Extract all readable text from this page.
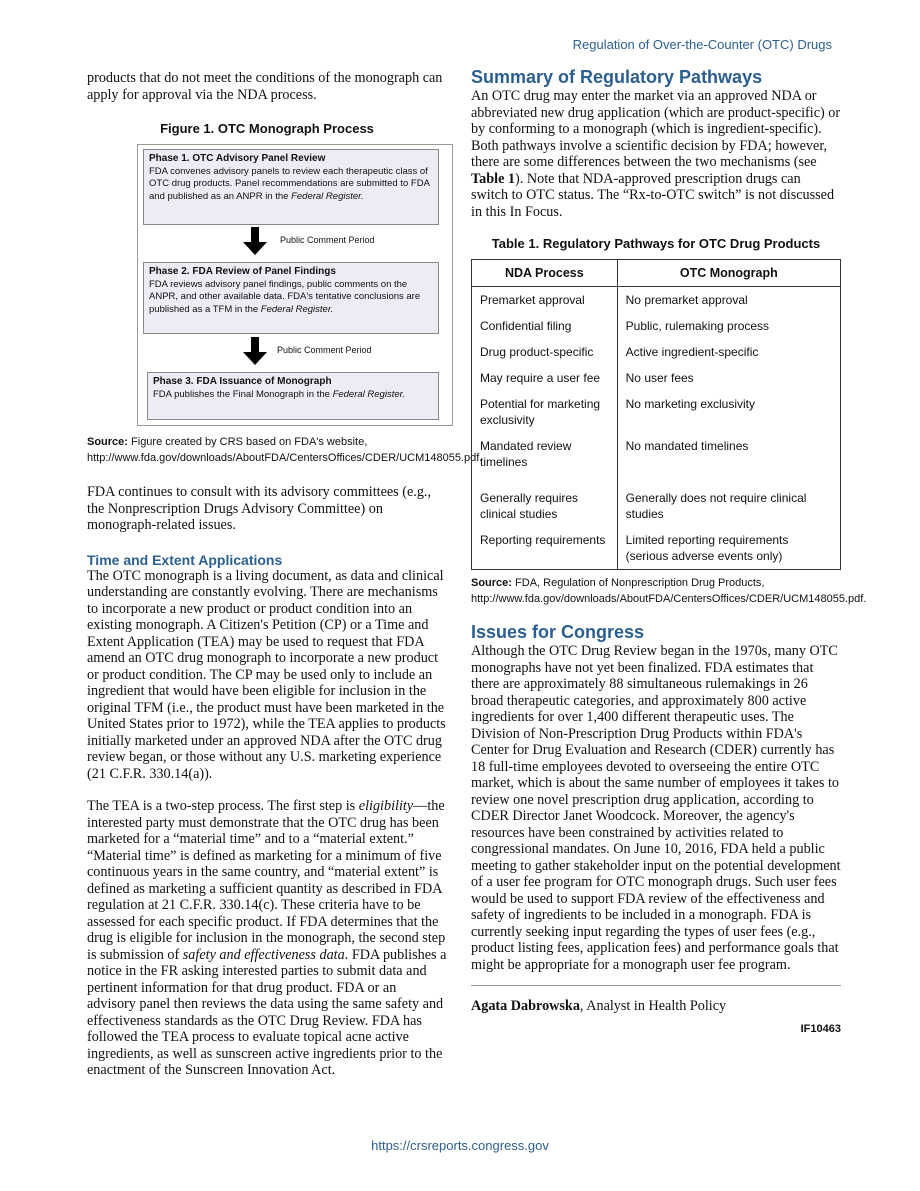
Regulation of Over-the-Counter (OTC) Drugs

products that do not meet the conditions of the monograph can apply for approval via the NDA process.

Figure 1. OTC Monograph Process

Phase 1. OTC Advisory Panel Review
FDA convenes advisory panels to review each therapeutic class of OTC drug products. Panel recommendations are submitted to FDA and published as an ANPR in the Federal Register.
Public Comment Period
Phase 2. FDA Review of Panel Findings
FDA reviews advisory panel findings, public comments on the ANPR, and other available data. FDA's tentative conclusions are published as a TFM in the Federal Register.
Public Comment Period
Phase 3. FDA Issuance of Monograph
FDA publishes the Final Monograph in the Federal Register.

Source: Figure created by CRS based on FDA's website, http://www.fda.gov/downloads/AboutFDA/CentersOffices/CDER/UCM148055.pdf.

FDA continues to consult with its advisory committees (e.g., the Nonprescription Drugs Advisory Committee) on monograph-related issues.

Time and Extent Applications

The OTC monograph is a living document, as data and clinical understanding are constantly evolving. There are mechanisms to incorporate a new product or product condition into an existing monograph. A Citizen's Petition (CP) or a Time and Extent Application (TEA) may be used to request that FDA amend an OTC drug monograph to incorporate a new product or product condition. The CP may be used only to include an ingredient that would have been eligible for inclusion in the original TFM (i.e., the product must have been marketed in the United States prior to 1972), while the TEA applies to products initially marketed under an approved NDA after the OTC drug review began, or those without any U.S. marketing experience (21 C.F.R. 330.14(a)).

The TEA is a two-step process. The first step is eligibility—the interested party must demonstrate that the OTC drug has been marketed for a “material time” and to a “material extent.” “Material time” is defined as marketing for a minimum of five continuous years in the same country, and “material extent” is defined as marketing a sufficient quantity as described in FDA regulation at 21 C.F.R. 330.14(c). These criteria have to be assessed for each specific product. If FDA determines that the drug is eligible for inclusion in the monograph, the second step is submission of safety and effectiveness data. FDA publishes a notice in the FR asking interested parties to submit data and pertinent information for that drug product. FDA or an advisory panel then reviews the data using the same safety and effectiveness standards as the OTC Drug Review. FDA has followed the TEA process to evaluate topical acne active ingredients, as well as sunscreen active ingredients prior to the enactment of the Sunscreen Innovation Act.

Summary of Regulatory Pathways

An OTC drug may enter the market via an approved NDA or abbreviated new drug application (which are product-specific) or by conforming to a monograph (which is ingredient-specific). Both pathways involve a scientific decision by FDA; however, there are some differences between the two mechanisms (see Table 1). Note that NDA-approved prescription drugs can switch to OTC status. The “Rx-to-OTC switch” is not discussed in this In Focus.

Table 1. Regulatory Pathways for OTC Drug Products

NDA Process	OTC Monograph
Premarket approval	No premarket approval
Confidential filing	Public, rulemaking process
Drug product-specific	Active ingredient-specific
May require a user fee	No user fees
Potential for marketing exclusivity	No marketing exclusivity
Mandated review timelines	No mandated timelines
Generally requires clinical studies	Generally does not require clinical studies
Reporting requirements	Limited reporting requirements (serious adverse events only)

Source: FDA, Regulation of Nonprescription Drug Products, http://www.fda.gov/downloads/AboutFDA/CentersOffices/CDER/UCM148055.pdf.

Issues for Congress

Although the OTC Drug Review began in the 1970s, many OTC monographs have not yet been finalized. FDA estimates that there are approximately 88 simultaneous rulemakings in 26 broad therapeutic categories, and approximately 800 active ingredients for over 1,400 different therapeutic uses. The Division of Non-Prescription Drug Products within FDA's Center for Drug Evaluation and Research (CDER) currently has 18 full-time employees devoted to overseeing the entire OTC market, which is about the same number of employees it takes to review one novel prescription drug application, according to CDER Director Janet Woodcock. Moreover, the agency's resources have been constrained by activities related to congressional mandates. On June 10, 2016, FDA held a public meeting to gather stakeholder input on the potential development of a user fee program for OTC monograph drugs. Such user fees would be used to support FDA review of the effectiveness and safety of ingredients to be included in a monograph. FDA is currently seeking input regarding the types of user fees (e.g., product listing fees, application fees) and performance goals that might be appropriate for a monograph user fee program.

Agata Dabrowska, Analyst in Health Policy

IF10463

https://crsreports.congress.gov
